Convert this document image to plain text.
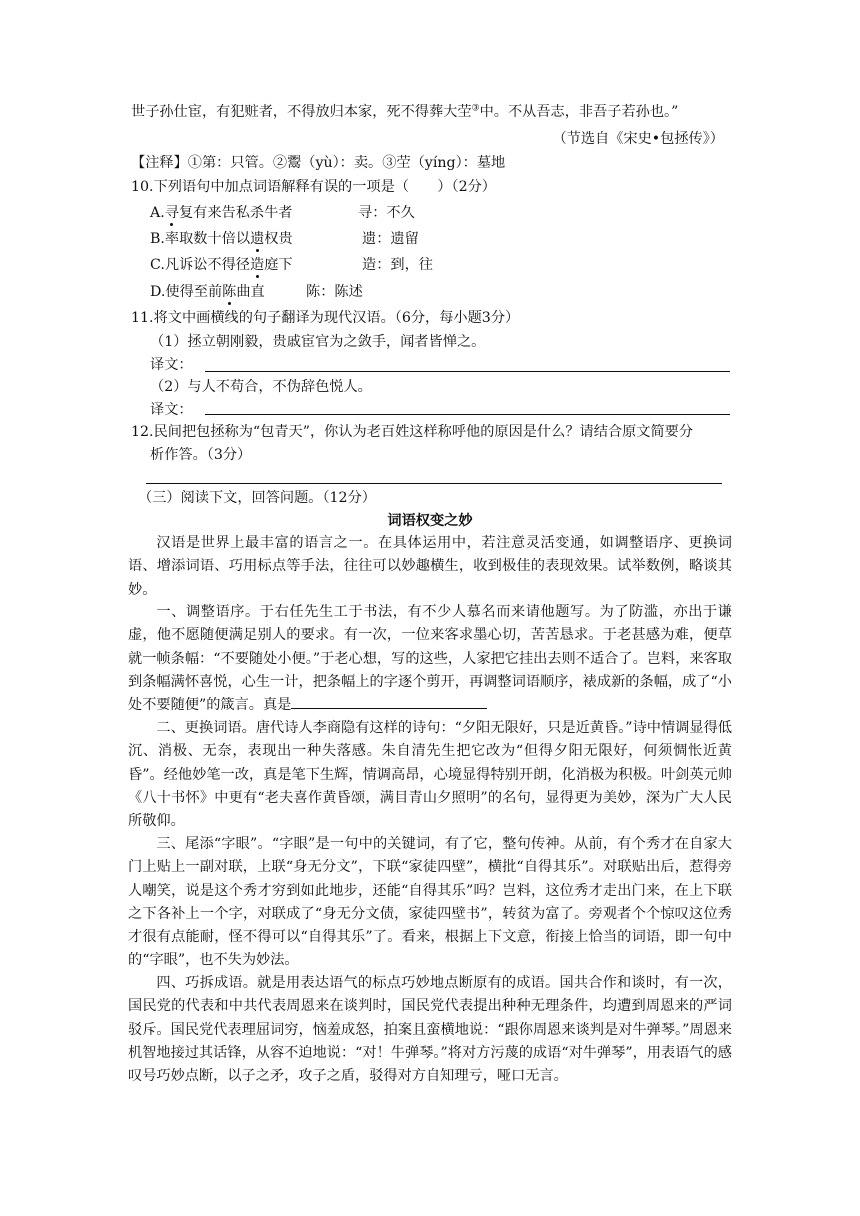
世子孙仕宦，有犯赃者，不得放归本家，死不得葬大茔③中。不从吾志，非吾子若孙也。”
（节选自《宋史•包拯传》）
【注释】①第：只管。②鬻（yù）：卖。③茔（yíng）：墓地
10.下列语句中加点词语解释有误的一项是（　　）（2分）
A.寻复有来告私杀牛者	寻：不久
B.率取数十倍以遗权贵	遗：遗留
C.凡诉讼不得径造庭下	造：到，往
D.使得至前陈曲直	陈：陈述
11.将文中画横线的句子翻译为现代汉语。（6分，每小题3分）
（1）拯立朝刚毅，贵戚宦官为之敛手，闻者皆惮之。
译文：
（2）与人不苟合，不伪辞色悦人。
译文：
12.民间把包拯称为“包青天”，你认为老百姓这样称呼他的原因是什么？请结合原文简要分
析作答。（3分）
（三）阅读下文，回答问题。（12分）
词语权变之妙
汉语是世界上最丰富的语言之一。在具体运用中，若注意灵活变通，如调整语序、更换词语、增添词语、巧用标点等手法，往往可以妙趣横生，收到极佳的表现效果。试举数例，略谈其妙。
一、调整语序。于右任先生工于书法，有不少人慕名而来请他题写。为了防滥，亦出于谦虚，他不愿随便满足别人的要求。有一次，一位来客求墨心切，苦苦恳求。于老甚感为难，便草就一帧条幅：“不要随处小便。”于老心想，写的这些，人家把它挂出去则不适合了。岂料，来客取到条幅满怀喜悦，心生一计，把条幅上的字逐个剪开，再调整词语顺序，裱成新的条幅，成了“小处不要随便”的箴言。真是
二、更换词语。唐代诗人李商隐有这样的诗句：“夕阳无限好，只是近黄昏。”诗中情调显得低沉、消极、无奈，表现出一种失落感。朱自清先生把它改为“但得夕阳无限好，何须惆怅近黄昏”。经他妙笔一改，真是笔下生辉，情调高昂，心境显得特别开朗，化消极为积极。叶剑英元帅《八十书怀》中更有“老夫喜作黄昏颂，满目青山夕照明”的名句，显得更为美妙，深为广大人民所敬仰。
三、尾添“字眼”。“字眼”是一句中的关键词，有了它，整句传神。从前，有个秀才在自家大门上贴上一副对联，上联“身无分文”，下联“家徒四壁”，横批“自得其乐”。对联贴出后，惹得旁人嘲笑，说是这个秀才穷到如此地步，还能“自得其乐”吗？岂料，这位秀才走出门来，在上下联之下各补上一个字，对联成了“身无分文债，家徒四壁书”，转贫为富了。旁观者个个惊叹这位秀才很有点能耐，怪不得可以“自得其乐”了。看来，根据上下文意，衔接上恰当的词语，即一句中的“字眼”，也不失为妙法。
四、巧拆成语。就是用表达语气的标点巧妙地点断原有的成语。国共合作和谈时，有一次，国民党的代表和中共代表周恩来在谈判时，国民党代表提出种种无理条件，均遭到周恩来的严词驳斥。国民党代表理屈词穷，恼羞成怒，拍案且蛮横地说：“跟你周恩来谈判是对牛弹琴。”周恩来机智地接过其话锋，从容不迫地说：“对！牛弹琴。”将对方污蔑的成语“对牛弹琴”，用表语气的感叹号巧妙点断，以子之矛，攻子之盾，驳得对方自知理亏，哑口无言。
